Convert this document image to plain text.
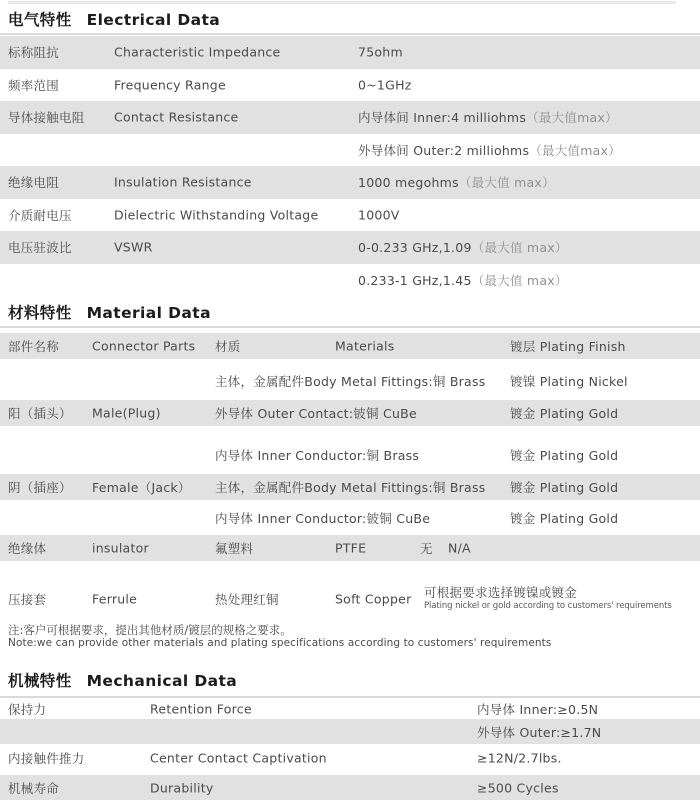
电气特性 Electrical Data
标称阻抗	Characteristic Impedance	75ohm
频率范围	Frequency Range	0~1GHz
导体接触电阻 Contact Resistance	内导体间 Inner:4 milliohms（最大值max）
外导体间 Outer:2 milliohms（最大值max）
绝缘电阻	Insulation Resistance	1000 megohms（最大值 max）
介质耐电压	Dielectric Withstanding Voltage	1000V
电压驻波比	VSWR	0-0.233 GHz,1.09（最大值 max）
0.233-1 GHz,1.45（最大值 max）
材料特性 Material Data
部件名称	Connector Parts 材质	Materials	镀层 Plating Finish
主体，金属配件Body Metal Fittings:铜 Brass 镀镍 Plating Nickel
阳（插头） Male(Plug)	外导体 Outer Contact:铍铜 CuBe	镀金 Plating Gold
内导体 Inner Conductor:铜 Brass	镀金 Plating Gold
阴（插座） Female（Jack） 主体，金属配件Body Metal Fittings:铜 Brass 镀金 Plating Gold
内导体 Inner Conductor:铍铜 CuBe	镀金 Plating Gold
绝缘体	insulator	氟塑料	PTFE	无 N/A
压接套	Ferrule	热处理红铜	Soft Copper 可根据要求选择镀镍或镀金
Plating nickel or gold according to customers' requirements
注:客户可根据要求，提出其他材质/镀层的规格之要求。
Note:we can provide other materials and plating specifications according to customers' requirements
机械特性 Mechanical Data
保持力	Retention Force	内导体 Inner:≥0.5N
外导体 Outer:≥1.7N
内接触件推力	Center Contact Captivation	≥12N/2.7lbs.
机械寿命	Durability	≥500 Cycles
